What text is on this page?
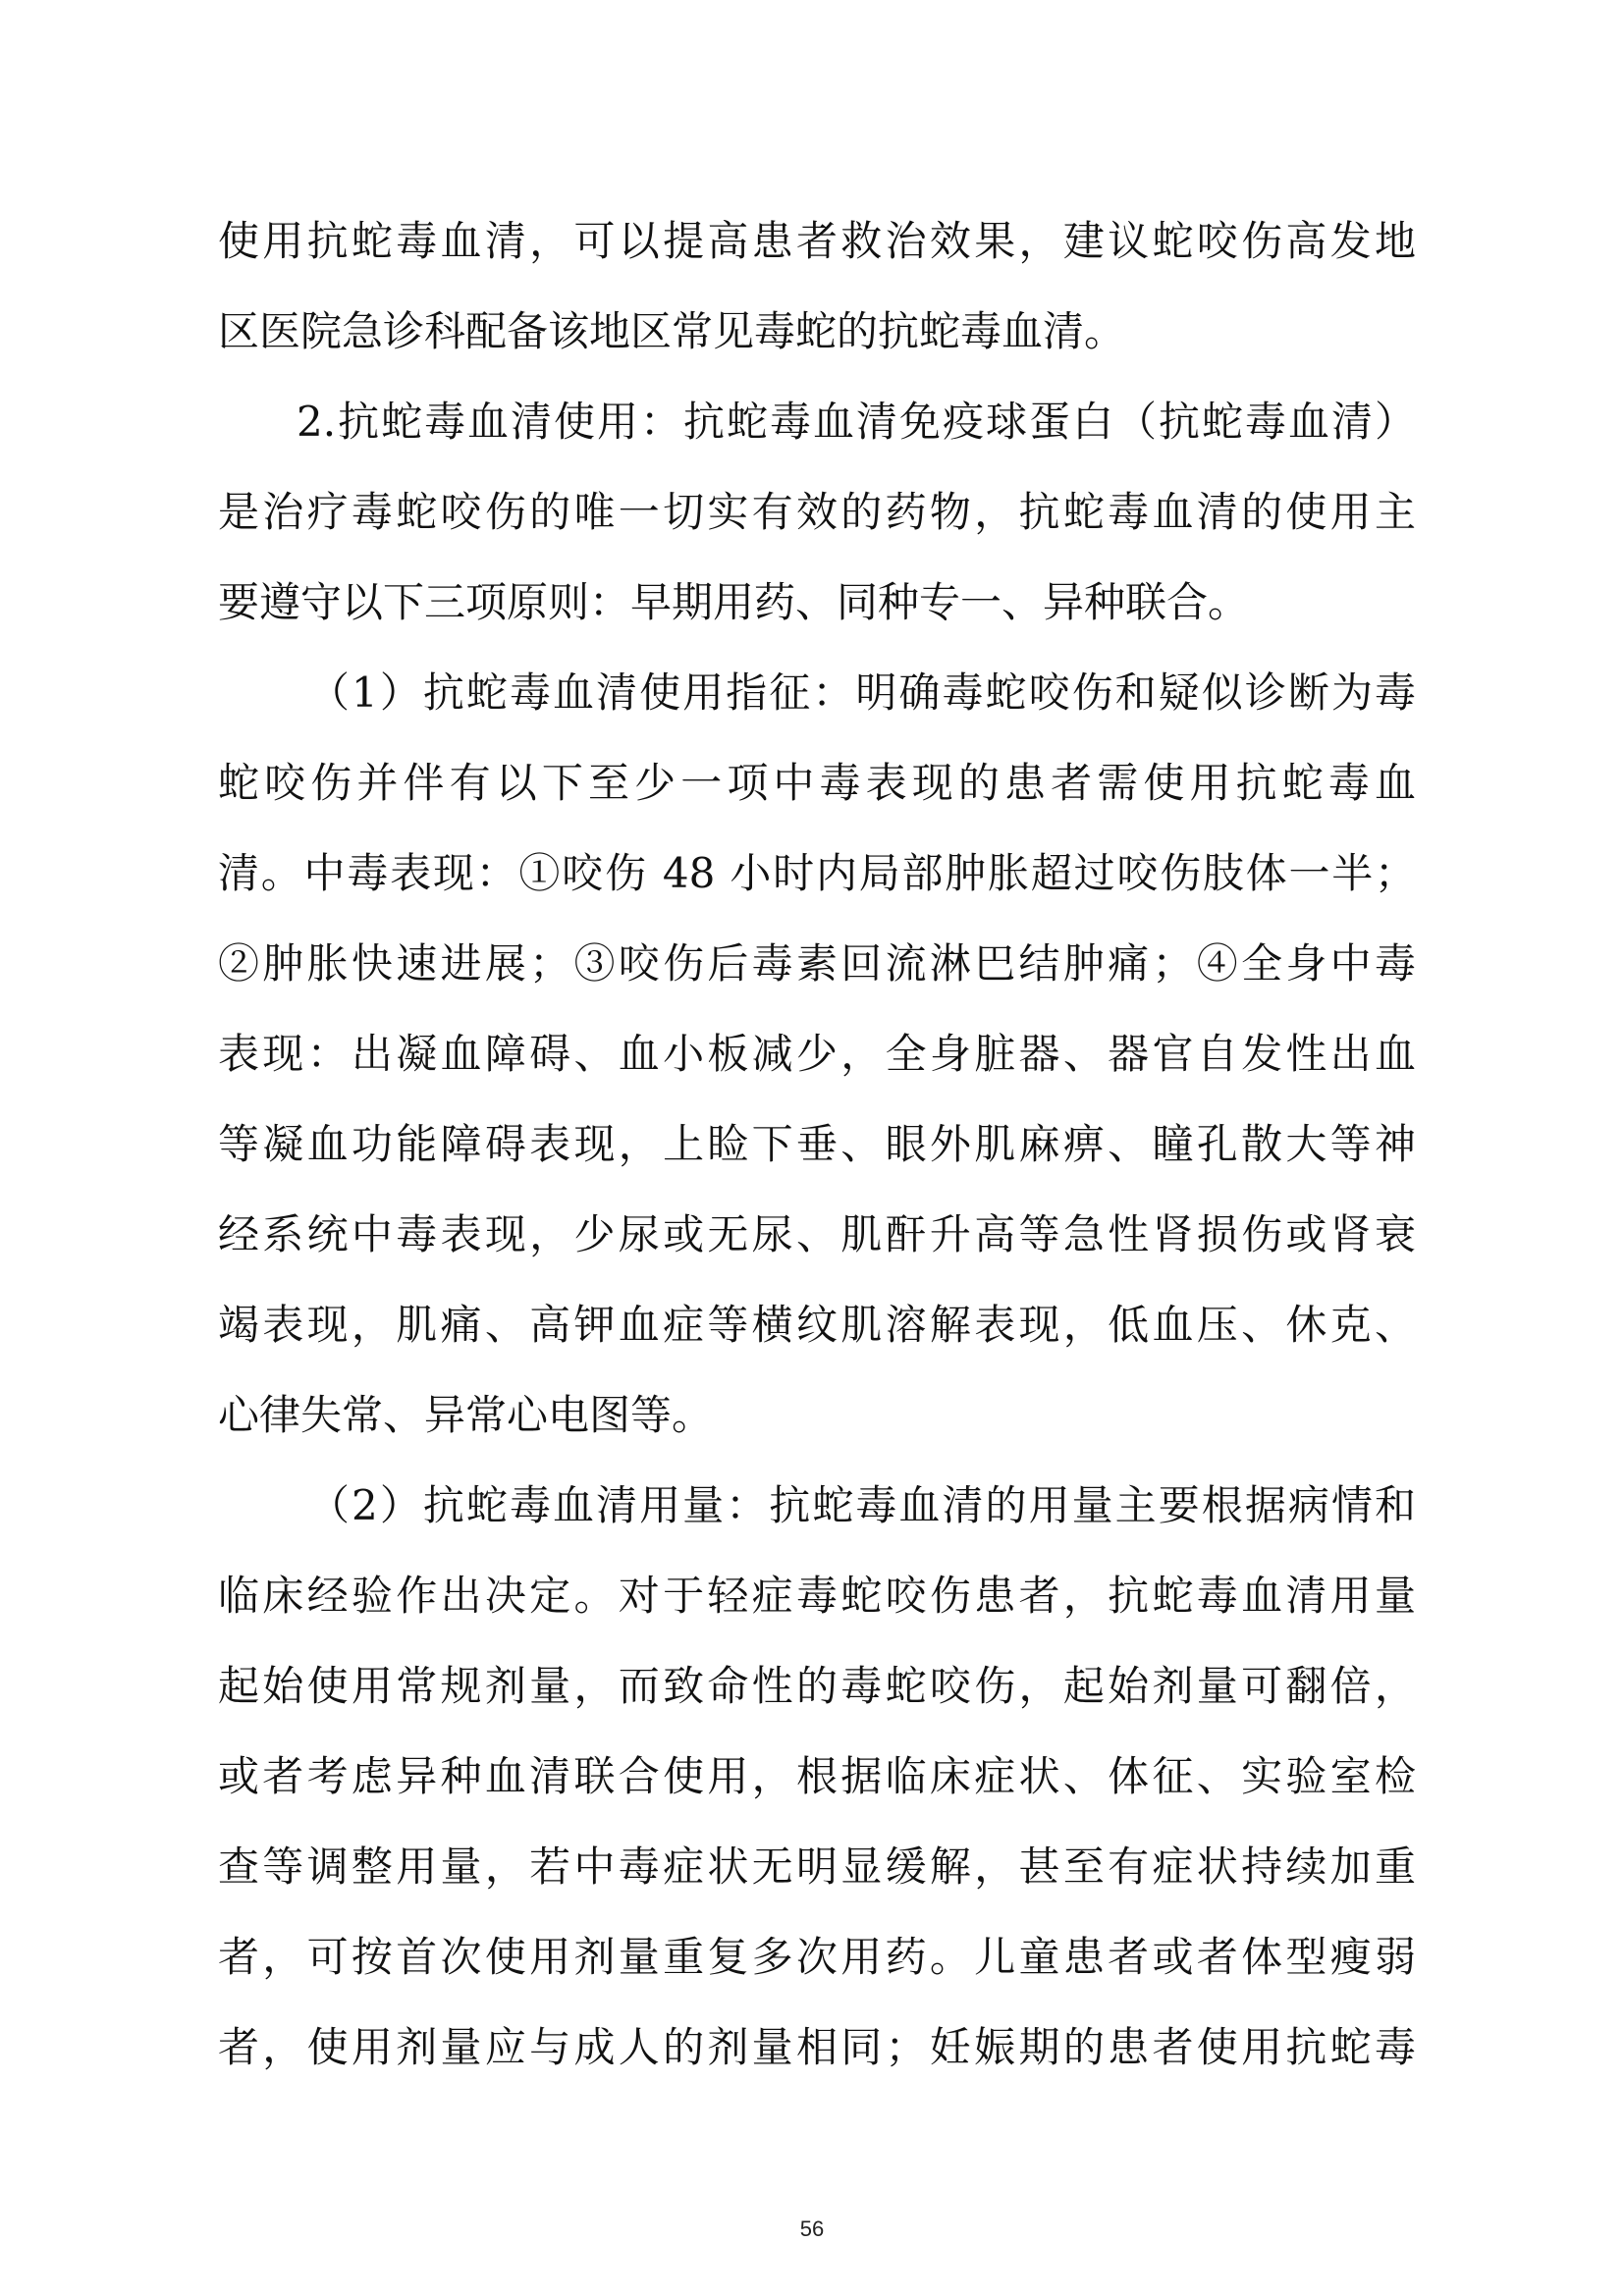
使用抗蛇毒血清，可以提高患者救治效果，建议蛇咬伤高发地
区医院急诊科配备该地区常见毒蛇的抗蛇毒血清。
2.抗蛇毒血清使用：抗蛇毒血清免疫球蛋白（抗蛇毒血清）
是治疗毒蛇咬伤的唯一切实有效的药物，抗蛇毒血清的使用主
要遵守以下三项原则：早期用药、同种专一、异种联合。
（1）抗蛇毒血清使用指征：明确毒蛇咬伤和疑似诊断为毒
蛇咬伤并伴有以下至少一项中毒表现的患者需使用抗蛇毒血
清。中毒表现：①咬伤 48 小时内局部肿胀超过咬伤肢体一半；
②肿胀快速进展；③咬伤后毒素回流淋巴结肿痛；④全身中毒
表现：出凝血障碍、血小板减少，全身脏器、器官自发性出血
等凝血功能障碍表现，上睑下垂、眼外肌麻痹、瞳孔散大等神
经系统中毒表现，少尿或无尿、肌酐升高等急性肾损伤或肾衰
竭表现，肌痛、高钾血症等横纹肌溶解表现，低血压、休克、
心律失常、异常心电图等。
（2）抗蛇毒血清用量：抗蛇毒血清的用量主要根据病情和
临床经验作出决定。对于轻症毒蛇咬伤患者，抗蛇毒血清用量
起始使用常规剂量，而致命性的毒蛇咬伤，起始剂量可翻倍，
或者考虑异种血清联合使用，根据临床症状、体征、实验室检
查等调整用量，若中毒症状无明显缓解，甚至有症状持续加重
者，可按首次使用剂量重复多次用药。儿童患者或者体型瘦弱
者，使用剂量应与成人的剂量相同；妊娠期的患者使用抗蛇毒
56
